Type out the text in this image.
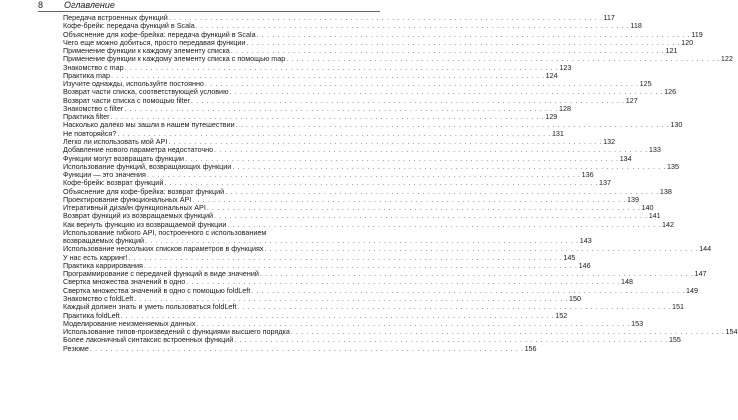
8 Оглавление
Передача встроенных функций . . . . . . . . . . . . . . . . . . . . . . . . . . . . . . . . . . . . . . . . . . . . . . . . . . . . . . . . . . . . . . . . . . . . . . . . . . . . . . . . . . . . 117
Кофе-брейк: передача функций в Scala . . . . . . . . . . . . . . . . . . . . . . . . . . . . . . . . . . . . . . . . . . . . . . . . . . . . . . . . . . . . . . . . . . . . . . . . . . . . . . . . . . . . 118
Объяснение для кофе-брейка: передача функций в Scala . . . . . . . . . . . . . . . . . . . . . . . . . . . . . . . . . . . . . . . . . . . . . . . . . . . . . . . . . . . . . . . . . . . . . . . . . . . . . . . . . . . . 119
Чего еще можно добиться, просто передавая функции . . . . . . . . . . . . . . . . . . . . . . . . . . . . . . . . . . . . . . . . . . . . . . . . . . . . . . . . . . . . . . . . . . . . . . . . . . . . . . . . . . . . 120
Применение функции к каждому элементу списка . . . . . . . . . . . . . . . . . . . . . . . . . . . . . . . . . . . . . . . . . . . . . . . . . . . . . . . . . . . . . . . . . . . . . . . . . . . . . . . . . . . . 121
Применение функции к каждому элементу списка с помощью map . . . . . . . . . . . . . . . . . . . . . . . . . . . . . . . . . . . . . . . . . . . . . . . . . . . . . . . . . . . . . . . . . . . . . . . . . . . . . . . . . . . . 122
Знакомство с map . . . . . . . . . . . . . . . . . . . . . . . . . . . . . . . . . . . . . . . . . . . . . . . . . . . . . . . . . . . . . . . . . . . . . . . . . . . . . . . . . . . . 123
Практика map . . . . . . . . . . . . . . . . . . . . . . . . . . . . . . . . . . . . . . . . . . . . . . . . . . . . . . . . . . . . . . . . . . . . . . . . . . . . . . . . . . . . 124
Изучите однажды, используйте постоянно . . . . . . . . . . . . . . . . . . . . . . . . . . . . . . . . . . . . . . . . . . . . . . . . . . . . . . . . . . . . . . . . . . . . . . . . . . . . . . . . . . . . 125
Возврат части списка, соответствующей условию . . . . . . . . . . . . . . . . . . . . . . . . . . . . . . . . . . . . . . . . . . . . . . . . . . . . . . . . . . . . . . . . . . . . . . . . . . . . . . . . . . . . 126
Возврат части списка с помощью filter . . . . . . . . . . . . . . . . . . . . . . . . . . . . . . . . . . . . . . . . . . . . . . . . . . . . . . . . . . . . . . . . . . . . . . . . . . . . . . . . . . . . 127
Знакомство с filter . . . . . . . . . . . . . . . . . . . . . . . . . . . . . . . . . . . . . . . . . . . . . . . . . . . . . . . . . . . . . . . . . . . . . . . . . . . . . . . . . . . . 128
Практика filter . . . . . . . . . . . . . . . . . . . . . . . . . . . . . . . . . . . . . . . . . . . . . . . . . . . . . . . . . . . . . . . . . . . . . . . . . . . . . . . . . . . . 129
Насколько далеко мы зашли в нашем путешествии . . . . . . . . . . . . . . . . . . . . . . . . . . . . . . . . . . . . . . . . . . . . . . . . . . . . . . . . . . . . . . . . . . . . . . . . . . . . . . . . . . . . 130
Не повторяйся? . . . . . . . . . . . . . . . . . . . . . . . . . . . . . . . . . . . . . . . . . . . . . . . . . . . . . . . . . . . . . . . . . . . . . . . . . . . . . . . . . . . . 131
Легко ли использовать мой API . . . . . . . . . . . . . . . . . . . . . . . . . . . . . . . . . . . . . . . . . . . . . . . . . . . . . . . . . . . . . . . . . . . . . . . . . . . . . . . . . . . . 132
Добавление нового параметра недостаточно . . . . . . . . . . . . . . . . . . . . . . . . . . . . . . . . . . . . . . . . . . . . . . . . . . . . . . . . . . . . . . . . . . . . . . . . . . . . . . . . . . . . 133
Функции могут возвращать функции . . . . . . . . . . . . . . . . . . . . . . . . . . . . . . . . . . . . . . . . . . . . . . . . . . . . . . . . . . . . . . . . . . . . . . . . . . . . . . . . . . . . 134
Использование функций, возвращающих функции . . . . . . . . . . . . . . . . . . . . . . . . . . . . . . . . . . . . . . . . . . . . . . . . . . . . . . . . . . . . . . . . . . . . . . . . . . . . . . . . . . . . 135
Функции — это значения . . . . . . . . . . . . . . . . . . . . . . . . . . . . . . . . . . . . . . . . . . . . . . . . . . . . . . . . . . . . . . . . . . . . . . . . . . . . . . . . . . . . 136
Кофе-брейк: возврат функций . . . . . . . . . . . . . . . . . . . . . . . . . . . . . . . . . . . . . . . . . . . . . . . . . . . . . . . . . . . . . . . . . . . . . . . . . . . . . . . . . . . . 137
Объяснение для кофе-брейка: возврат функций . . . . . . . . . . . . . . . . . . . . . . . . . . . . . . . . . . . . . . . . . . . . . . . . . . . . . . . . . . . . . . . . . . . . . . . . . . . . . . . . . . . . 138
Проектирование функциональных API . . . . . . . . . . . . . . . . . . . . . . . . . . . . . . . . . . . . . . . . . . . . . . . . . . . . . . . . . . . . . . . . . . . . . . . . . . . . . . . . . . . . 139
Итеративный дизайн функциональных API . . . . . . . . . . . . . . . . . . . . . . . . . . . . . . . . . . . . . . . . . . . . . . . . . . . . . . . . . . . . . . . . . . . . . . . . . . . . . . . . . . . . 140
Возврат функций из возвращаемых функций . . . . . . . . . . . . . . . . . . . . . . . . . . . . . . . . . . . . . . . . . . . . . . . . . . . . . . . . . . . . . . . . . . . . . . . . . . . . . . . . . . . . 141
Как вернуть функцию из возвращаемой функции . . . . . . . . . . . . . . . . . . . . . . . . . . . . . . . . . . . . . . . . . . . . . . . . . . . . . . . . . . . . . . . . . . . . . . . . . . . . . . . . . . . . 142
Использование гибкого API, построенного с использованием
возвращаемых функций . . . . . . . . . . . . . . . . . . . . . . . . . . . . . . . . . . . . . . . . . . . . . . . . . . . . . . . . . . . . . . . . . . . . . . . . . . . . . . . . . . . . 143
Использование нескольких списков параметров в функциях . . . . . . . . . . . . . . . . . . . . . . . . . . . . . . . . . . . . . . . . . . . . . . . . . . . . . . . . . . . . . . . . . . . . . . . . . . . . . . . . . . . . 144
У нас есть карринг! . . . . . . . . . . . . . . . . . . . . . . . . . . . . . . . . . . . . . . . . . . . . . . . . . . . . . . . . . . . . . . . . . . . . . . . . . . . . . . . . . . . . 145
Практика каррирования . . . . . . . . . . . . . . . . . . . . . . . . . . . . . . . . . . . . . . . . . . . . . . . . . . . . . . . . . . . . . . . . . . . . . . . . . . . . . . . . . . . . 146
Программирование с передачей функций в виде значений . . . . . . . . . . . . . . . . . . . . . . . . . . . . . . . . . . . . . . . . . . . . . . . . . . . . . . . . . . . . . . . . . . . . . . . . . . . . . . . . . . . . 147
Свертка множества значений в одно . . . . . . . . . . . . . . . . . . . . . . . . . . . . . . . . . . . . . . . . . . . . . . . . . . . . . . . . . . . . . . . . . . . . . . . . . . . . . . . . . . . . 148
Свертка множества значений в одно с помощью foldLeft . . . . . . . . . . . . . . . . . . . . . . . . . . . . . . . . . . . . . . . . . . . . . . . . . . . . . . . . . . . . . . . . . . . . . . . . . . . . . . . . . . . . 149
Знакомство с foldLeft . . . . . . . . . . . . . . . . . . . . . . . . . . . . . . . . . . . . . . . . . . . . . . . . . . . . . . . . . . . . . . . . . . . . . . . . . . . . . . . . . . . . 150
Каждый должен знать и уметь пользоваться foldLeft . . . . . . . . . . . . . . . . . . . . . . . . . . . . . . . . . . . . . . . . . . . . . . . . . . . . . . . . . . . . . . . . . . . . . . . . . . . . . . . . . . . . 151
Практика foldLeft . . . . . . . . . . . . . . . . . . . . . . . . . . . . . . . . . . . . . . . . . . . . . . . . . . . . . . . . . . . . . . . . . . . . . . . . . . . . . . . . . . . . 152
Моделирование неизменяемых данных . . . . . . . . . . . . . . . . . . . . . . . . . . . . . . . . . . . . . . . . . . . . . . . . . . . . . . . . . . . . . . . . . . . . . . . . . . . . . . . . . . . . 153
Использование типов-произведений с функциями высшего порядка . . . . . . . . . . . . . . . . . . . . . . . . . . . . . . . . . . . . . . . . . . . . . . . . . . . . . . . . . . . . . . . . . . . . . . . . . . . . . . . . . . . . 154
Более лаконичный синтаксис встроенных функций . . . . . . . . . . . . . . . . . . . . . . . . . . . . . . . . . . . . . . . . . . . . . . . . . . . . . . . . . . . . . . . . . . . . . . . . . . . . . . . . . . . . 155
Резюме . . . . . . . . . . . . . . . . . . . . . . . . . . . . . . . . . . . . . . . . . . . . . . . . . . . . . . . . . . . . . . . . . . . . . . . . . . . . . . . . . . . . 156
